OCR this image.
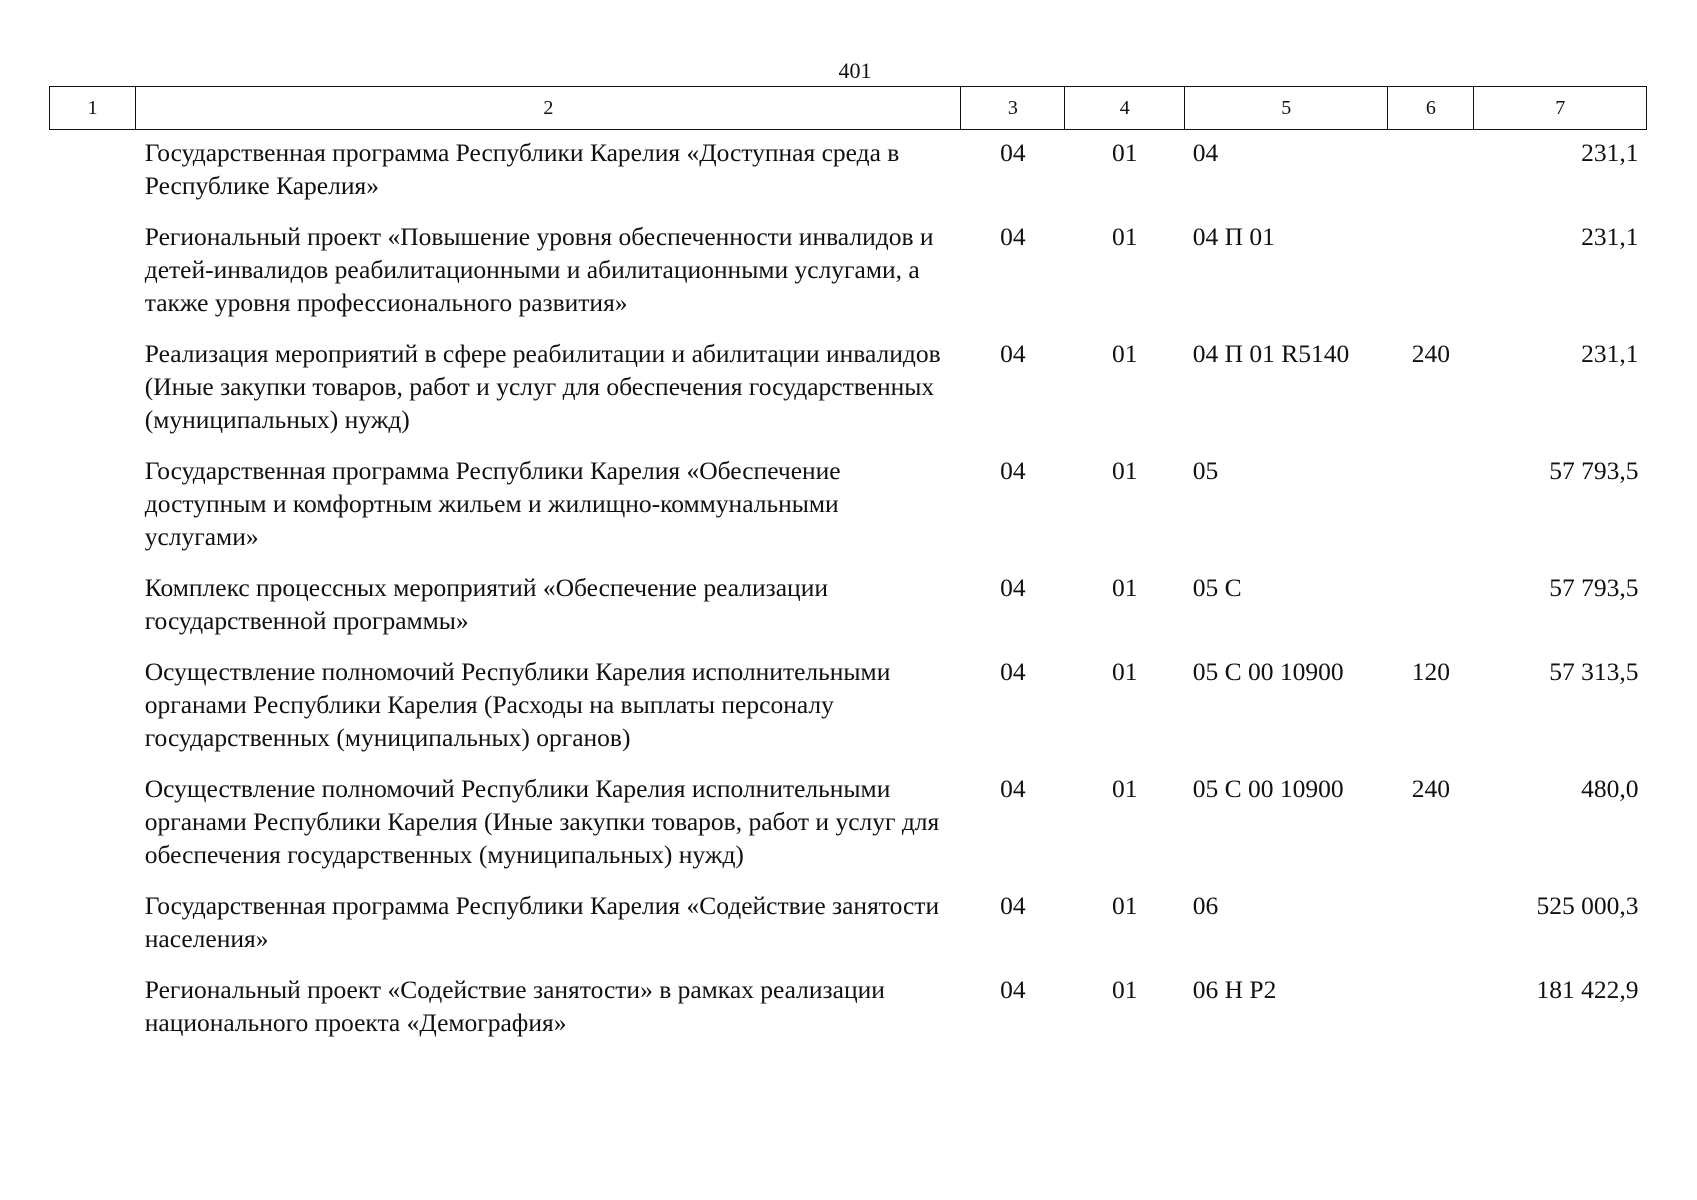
401
1	2	3	4	5	6	7
	Государственная программа Республики Карелия «Доступная среда в Республике Карелия»	04	01	04		231,1
	Региональный проект «Повышение уровня обеспеченности инвалидов и детей-инвалидов реабилитационными и абилитационными услугами, а также уровня профессионального развития»	04	01	04 П 01		231,1
	Реализация мероприятий в сфере реабилитации и абилитации инвалидов (Иные закупки товаров, работ и услуг для обеспечения государственных (муниципальных) нужд)	04	01	04 П 01 R5140	240	231,1
	Государственная программа Республики Карелия «Обеспечение доступным и комфортным жильем и жилищно-коммунальными услугами»	04	01	05		57 793,5
	Комплекс процессных мероприятий «Обеспечение реализации государственной программы»	04	01	05 С		57 793,5
	Осуществление полномочий Республики Карелия исполнительными органами Республики Карелия (Расходы на выплаты персоналу государственных (муниципальных) органов)	04	01	05 С 00 10900	120	57 313,5
	Осуществление полномочий Республики Карелия исполнительными органами Республики Карелия (Иные закупки товаров, работ и услуг для обеспечения государственных (муниципальных) нужд)	04	01	05 С 00 10900	240	480,0
	Государственная программа Республики Карелия «Содействие занятости населения»	04	01	06		525 000,3
	Региональный проект «Содействие занятости» в рамках реализации национального проекта «Демография»	04	01	06 Н Р2		181 422,9
